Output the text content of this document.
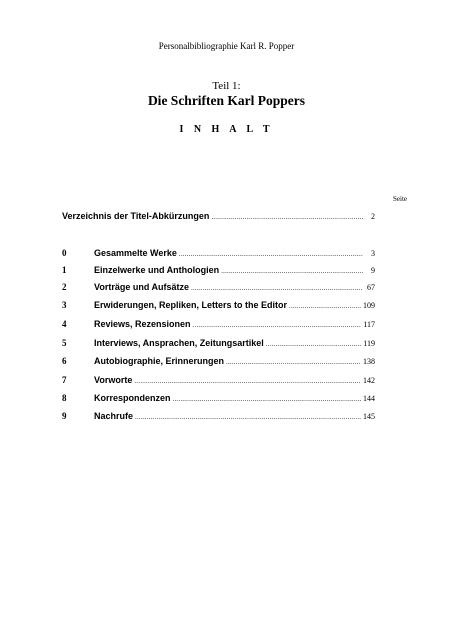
Personalbibliographie Karl R. Popper
Teil 1:
Die Schriften Karl Poppers
I N H A L T
Seite
Verzeichnis der Titel-Abkürzungen .....	2
0	Gesammelte Werke .....	3
1	Einzelwerke und Anthologien .....	9
2	Vorträge und Aufsätze .....	67
3	Erwiderungen, Repliken, Letters to the Editor .....	109
4	Reviews, Rezensionen .....	117
5	Interviews, Ansprachen, Zeitungsartikel .....	119
6	Autobiographie, Erinnerungen .....	138
7	Vorworte .....	142
8	Korrespondenzen .....	144
9	Nachrufe .....	145
